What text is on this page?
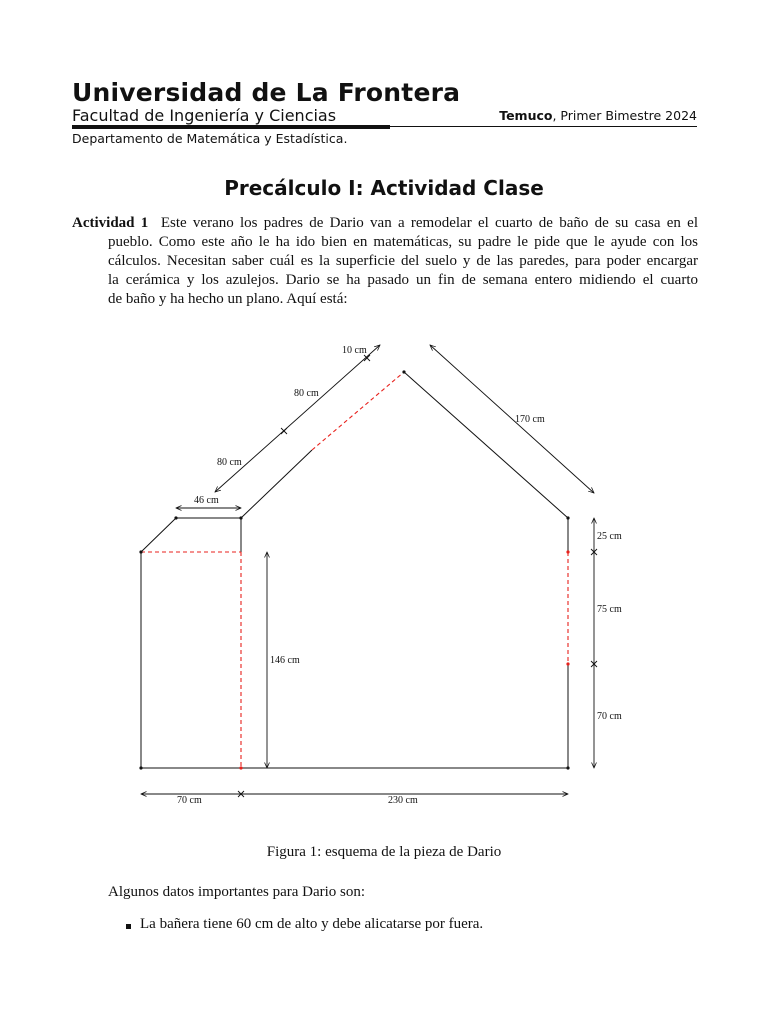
Universidad de La Frontera
Facultad de Ingeniería y Ciencias	Temuco, Primer Bimestre 2024
Departamento de Matemática y Estadística.
Precálculo I: Actividad Clase
Actividad 1 Este verano los padres de Dario van a remodelar el cuarto de baño de su casa en el
pueblo. Como este año le ha ido bien en matemáticas, su padre le pide que le ayude con los
cálculos. Necesitan saber cuál es la superficie del suelo y de las paredes, para poder encargar
la cerámica y los azulejos. Dario se ha pasado un fin de semana entero midiendo el cuarto
de baño y ha hecho un plano. Aquí está:
10 cm
80 cm
80 cm
170 cm
46 cm
25 cm
75 cm
70 cm
146 cm
70 cm	230 cm
Figura 1: esquema de la pieza de Dario
Algunos datos importantes para Dario son:
La bañera tiene 60 cm de alto y debe alicatarse por fuera.
